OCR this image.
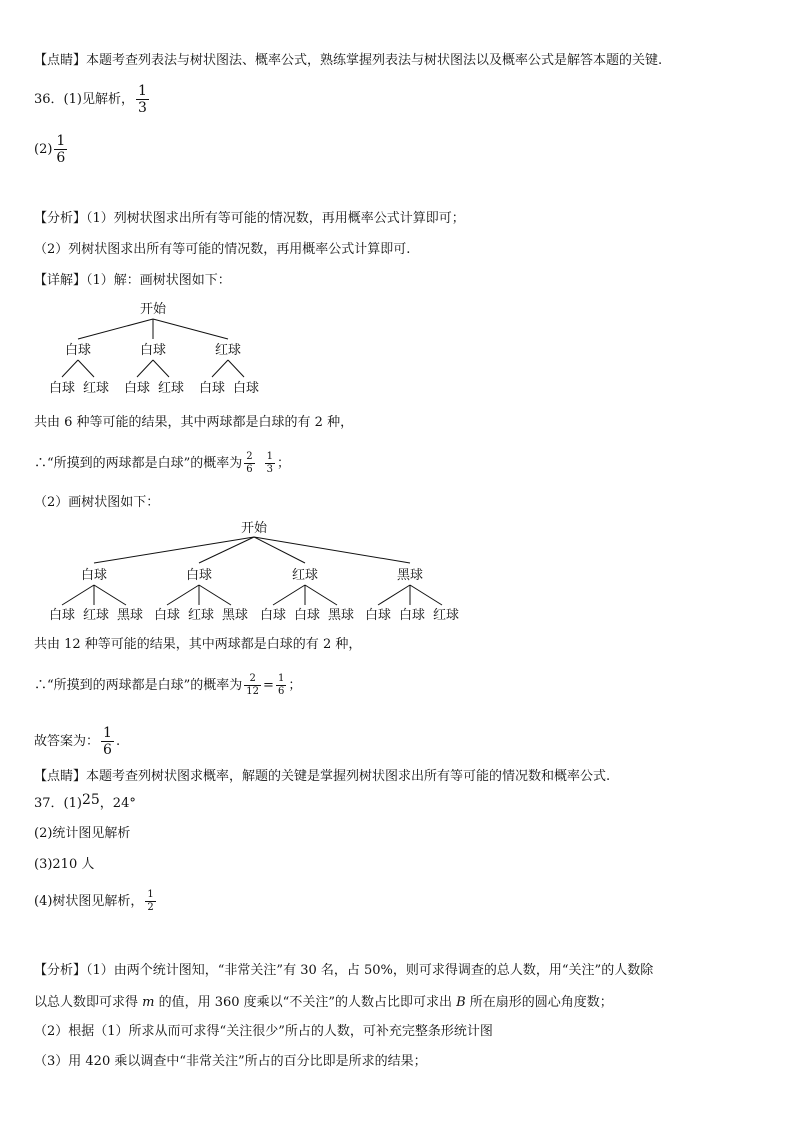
【点睛】本题考查列表法与树状图法、概率公式，熟练掌握列表法与树状图法以及概率公式是解答本题的关键.
36．(1)见解析， $\frac{1}{3}$
$(2) \frac{1}{6}$
【分析】（1）列树状图求出所有等可能的情况数，再用概率公式计算即可；
（2）列树状图求出所有等可能的情况数，再用概率公式计算即可.
【详解】（1）解：画树状图如下：
开始
白球	白球	红球
白球 红球 白球 红球 白球 白球
共由 6 种等可能的结果，其中两球都是白球的有 2 种，
∴“所摸到的两球都是白球”的概率为 $\frac{2}{6} \frac{1}{3}$ ；
（2）画树状图如下：
开始
白球	白球	红球	黑球
白球 红球 黑球 白球 红球 黑球 白球 白球 黑球 白球 白球 红球
共由 12 种等可能的结果，其中两球都是白球的有 2 种，
∴“所摸到的两球都是白球”的概率为 $\frac{2}{12} = \frac{1}{6}$ ；
故答案为： $\frac{1}{6}$ .
【点睛】本题考查列树状图求概率，解题的关键是掌握列树状图求出所有等可能的情况数和概率公式.
37．(1)25，24°
(2)统计图见解析
(3)210 人
(4)树状图见解析， $\frac{1}{2}$
【分析】（1）由两个统计图知，“非常关注”有 30 名，占 50%，则可求得调查的总人数，用“关注”的人数除
以总人数即可求得 m 的值，用 360 度乘以“不关注”的人数占比即可求出 B 所在扇形的圆心角度数；
（2）根据（1）所求从而可求得“关注很少”所占的人数，可补充完整条形统计图
（3）用 420 乘以调查中“非常关注”所占的百分比即是所求的结果；
